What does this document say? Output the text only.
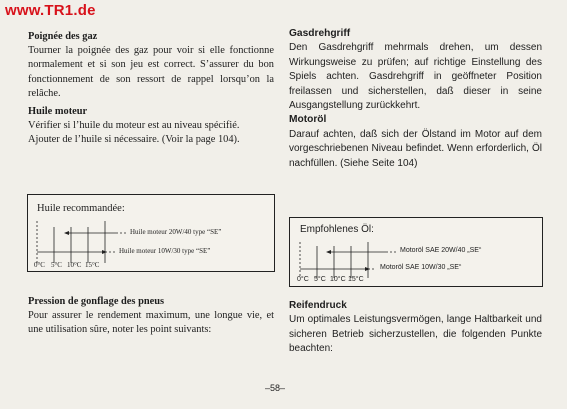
www.TR1.de

Poignée des gaz

Tourner la poignée des gaz pour voir si elle fonctionne normalement et si son jeu est correct. S’assurer du bon fonctionnement de son ressort de rappel lorsqu’on la relâche.

Huile moteur

Vérifier si l’huile du moteur est au niveau spécifié.

Ajouter de l’huile si nécessaire. (Voir la page 104).

Huile recommandée:
Huile moteur 20W/40 type “SE”
Huile moteur 10W/30 type “SE”
0°C 5°C 10°C 15°C

Pression de gonflage des pneus

Pour assurer le rendement maximum, une longue vie, et une utilisation sûre, noter les point suivants:

Gasdrehgriff

Den Gasdrehgriff mehrmals drehen, um dessen Wirkungsweise zu prüfen; auf richtige Einstellung des Spiels achten. Gasdrehgriff in geöffneter Position freilassen und sicherstellen, daß dieser in seine Ausgangstellung zurückkehrt.

Motoröl

Darauf achten, daß sich der Ölstand im Motor auf dem vorgeschriebenen Niveau befindet. Wenn erforderlich, Öl nachfüllen. (Siehe Seite 104)

Empfohlenes Öl:
Motoröl SAE 20W/40 „SE“
Motoröl SAE 10W/30 „SE“
0°C 5°C 10°C 15°C

Reifendruck

Um optimales Leistungsvermögen, lange Haltbarkeit und sicheren Betrieb sicherzustellen, die folgenden Punkte beachten:

–58–
